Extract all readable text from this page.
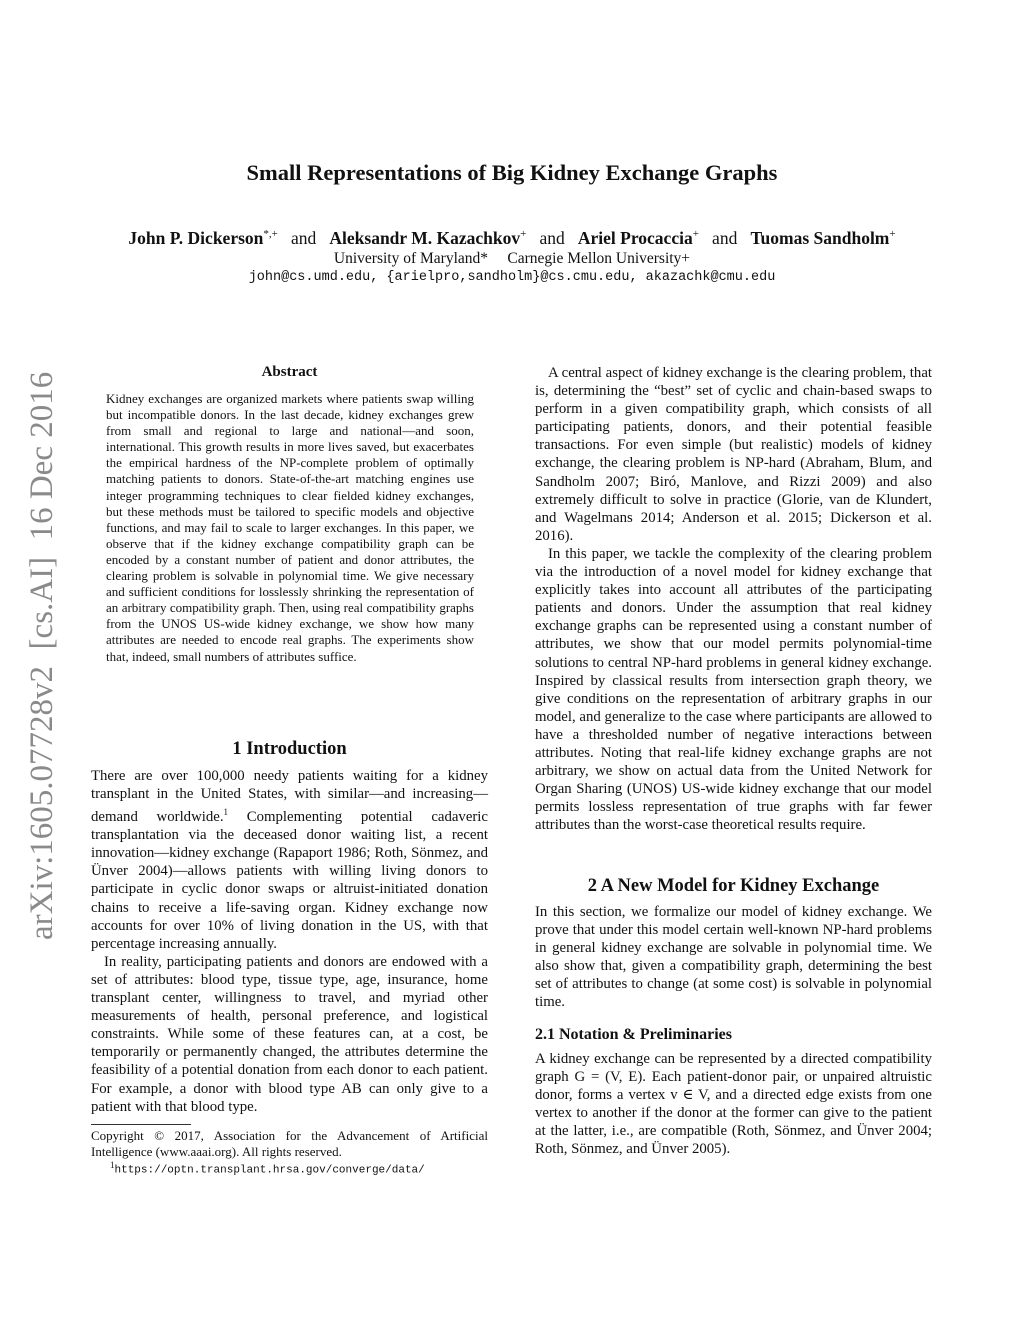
Small Representations of Big Kidney Exchange Graphs
John P. Dickerson*,+ and Aleksandr M. Kazachkov+ and Ariel Procaccia+ and Tuomas Sandholm+
University of Maryland*     Carnegie Mellon University+
john@cs.umd.edu, {arielpro,sandholm}@cs.cmu.edu, akazachk@cmu.edu
arXiv:1605.07728v2  [cs.AI]  16 Dec 2016	Abstract
Kidney exchanges are organized markets where patients swap willing but incompatible donors. In the last decade, kidney exchanges grew from small and regional to large and national—and soon, international. This growth results in more lives saved, but exacerbates the empirical hardness of the NP-complete problem of optimally matching patients to donors. State-of-the-art matching engines use integer programming techniques to clear fielded kidney exchanges, but these methods must be tailored to specific models and objective functions, and may fail to scale to larger exchanges. In this paper, we observe that if the kidney exchange compatibility graph can be encoded by a constant number of patient and donor attributes, the clearing problem is solvable in polynomial time. We give necessary and sufficient conditions for losslessly shrinking the representation of an arbitrary compatibility graph. Then, using real compatibility graphs from the UNOS US-wide kidney exchange, we show how many attributes are needed to encode real graphs. The experiments show that, indeed, small numbers of attributes suffice.
1 Introduction

There are over 100,000 needy patients waiting for a kidney transplant in the United States, with similar—and increasing—demand worldwide.$^1$ Complementing potential cadaveric transplantation via the deceased donor waiting list, a recent innovation—kidney exchange (Rapaport 1986; Roth, Sönmez, and Ünver 2004)—allows patients with willing living donors to participate in cyclic donor swaps or altruist-initiated donation chains to receive a life-saving organ. Kidney exchange now accounts for over 10% of living donation in the US, with that percentage increasing annually.

In reality, participating patients and donors are endowed with a set of attributes: blood type, tissue type, age, insurance, home transplant center, willingness to travel, and myriad other measurements of health, personal preference, and logistical constraints. While some of these features can, at a cost, be temporarily or permanently changed, the attributes determine the feasibility of a potential donation from each donor to each patient. For example, a donor with blood type AB can only give to a patient with that blood type.

Copyright © 2017, Association for the Advancement of Artificial Intelligence (www.aaai.org). All rights reserved.
$^1$https://optn.transplant.hrsa.gov/converge/data/

A central aspect of kidney exchange is the clearing problem, that is, determining the “best” set of cyclic and chain-based swaps to perform in a given compatibility graph, which consists of all participating patients, donors, and their potential feasible transactions. For even simple (but realistic) models of kidney exchange, the clearing problem is NP-hard (Abraham, Blum, and Sandholm 2007; Biró, Manlove, and Rizzi 2009) and also extremely difficult to solve in practice (Glorie, van de Klundert, and Wagelmans 2014; Anderson et al. 2015; Dickerson et al. 2016).

In this paper, we tackle the complexity of the clearing problem via the introduction of a novel model for kidney exchange that explicitly takes into account all attributes of the participating patients and donors. Under the assumption that real kidney exchange graphs can be represented using a constant number of attributes, we show that our model permits polynomial-time solutions to central NP-hard problems in general kidney exchange. Inspired by classical results from intersection graph theory, we give conditions on the representation of arbitrary graphs in our model, and generalize to the case where participants are allowed to have a thresholded number of negative interactions between attributes. Noting that real-life kidney exchange graphs are not arbitrary, we show on actual data from the United Network for Organ Sharing (UNOS) US-wide kidney exchange that our model permits lossless representation of true graphs with far fewer attributes than the worst-case theoretical results require.

2 A New Model for Kidney Exchange

In this section, we formalize our model of kidney exchange. We prove that under this model certain well-known NP-hard problems in general kidney exchange are solvable in polynomial time. We also show that, given a compatibility graph, determining the best set of attributes to change (at some cost) is solvable in polynomial time.

2.1 Notation & Preliminaries

A kidney exchange can be represented by a directed compatibility graph G = (V, E). Each patient-donor pair, or unpaired altruistic donor, forms a vertex v ∈ V, and a directed edge exists from one vertex to another if the donor at the former can give to the patient at the latter, i.e., are compatible (Roth, Sönmez, and Ünver 2004; Roth, Sönmez, and Ünver 2005).
